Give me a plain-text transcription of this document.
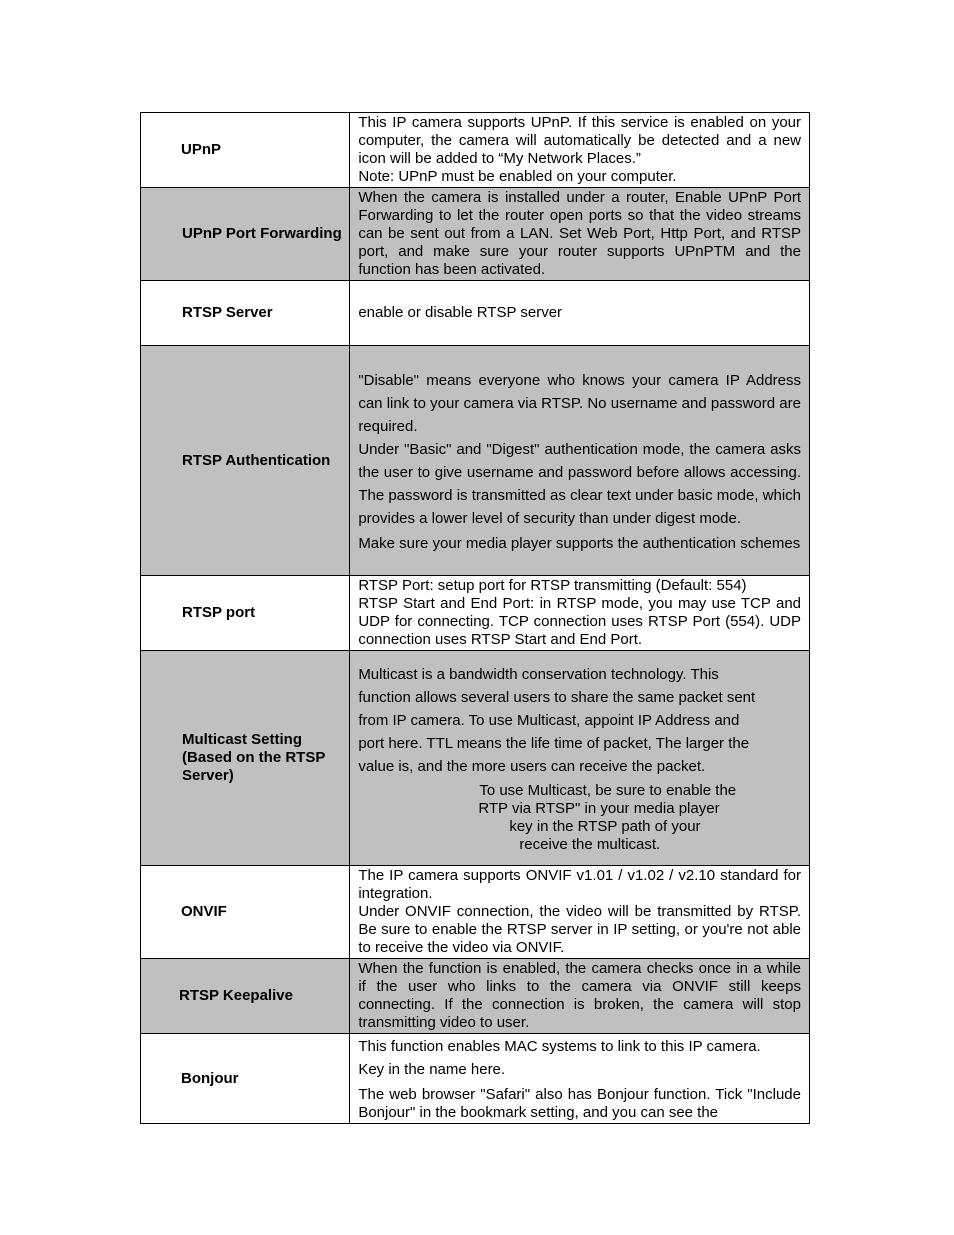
UPnP	This IP camera supports UPnP. If this service is enabled on your computer, the camera will automatically be detected and a new icon will be added to “My Network Places.”

Note: UPnP must be enabled on your computer.

UPnP Port Forwarding	When the camera is installed under a router, Enable UPnP Port Forwarding to let the router open ports so that the video streams can be sent out from a LAN. Set Web Port, Http Port, and RTSP port, and make sure your router supports UPnPTM and the function has been activated.

RTSP Server	enable or disable RTSP server

RTSP Authentication	"Disable" means everyone who knows your camera IP Address can link to your camera via RTSP. No username and password are required.

Under "Basic" and "Digest" authentication mode, the camera asks the user to give username and password before allows accessing. The password is transmitted as clear text under basic mode, which provides a lower level of security than under digest mode.

Make sure your media player supports the authentication schemes

RTSP port	RTSP Port: setup port for RTSP transmitting (Default: 554)

RTSP Start and End Port: in RTSP mode, you may use TCP and UDP for connecting. TCP connection uses RTSP Port (554). UDP connection uses RTSP Start and End Port.

Multicast Setting (Based on the RTSP Server)	Multicast is a bandwidth conservation technology. This function allows several users to share the same packet sent from IP camera. To use Multicast, appoint IP Address and port here. TTL means the life time of packet, The larger the value is, and the more users can receive the packet.

To use Multicast, be sure to enable the
RTP via RTSP" in your media player
key in the RTSP path of your
receive the multicast.

ONVIF	The IP camera supports ONVIF v1.01 / v1.02 / v2.10 standard for integration.

Under ONVIF connection, the video will be transmitted by RTSP. Be sure to enable the RTSP server in IP setting, or you're not able to receive the video via ONVIF.

RTSP Keepalive	When the function is enabled, the camera checks once in a while if the user who links to the camera via ONVIF still keeps connecting. If the connection is broken, the camera will stop transmitting video to user.

Bonjour	This function enables MAC systems to link to this IP camera.

Key in the name here.

The web browser "Safari" also has Bonjour function. Tick "Include Bonjour" in the bookmark setting, and you can see the
